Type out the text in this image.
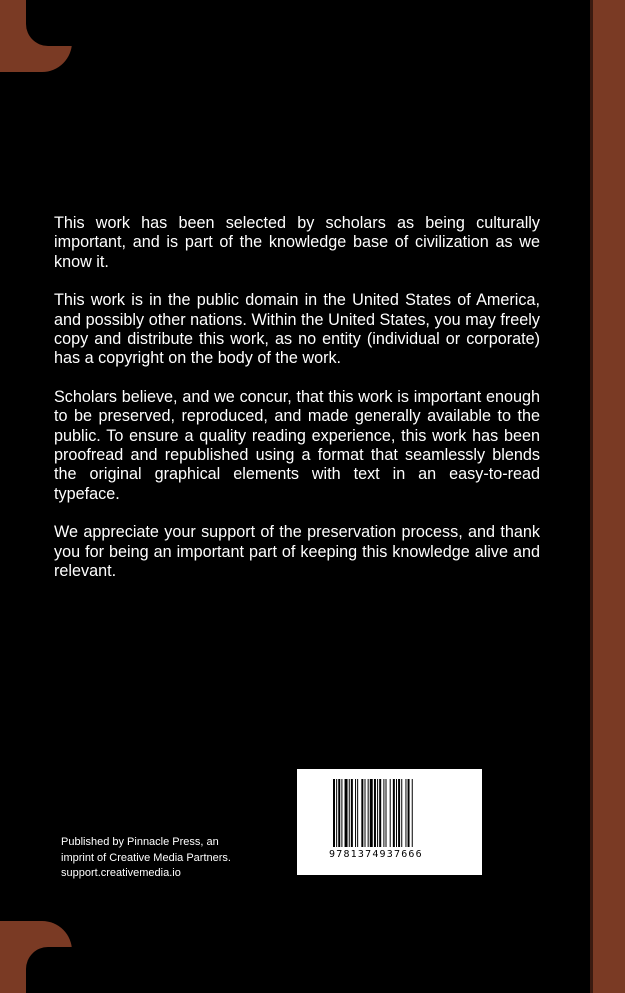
This work has been selected by scholars as being culturally important, and is part of the knowledge base of civilization as we know it.

This work is in the public domain in the United States of America, and possibly other nations. Within the United States, you may freely copy and distribute this work, as no entity (individual or corporate) has a copyright on the body of the work.

Scholars believe, and we concur, that this work is important enough to be preserved, reproduced, and made generally available to the public. To ensure a quality reading experience, this work has been proofread and republished using a format that seamlessly blends the original graphical elements with text in an easy-to-read typeface.

We appreciate your support of the preservation process, and thank you for being an important part of keeping this knowledge alive and relevant.

Published by Pinnacle Press, an
imprint of Creative Media Partners.
support.creativemedia.io
9781374937666
